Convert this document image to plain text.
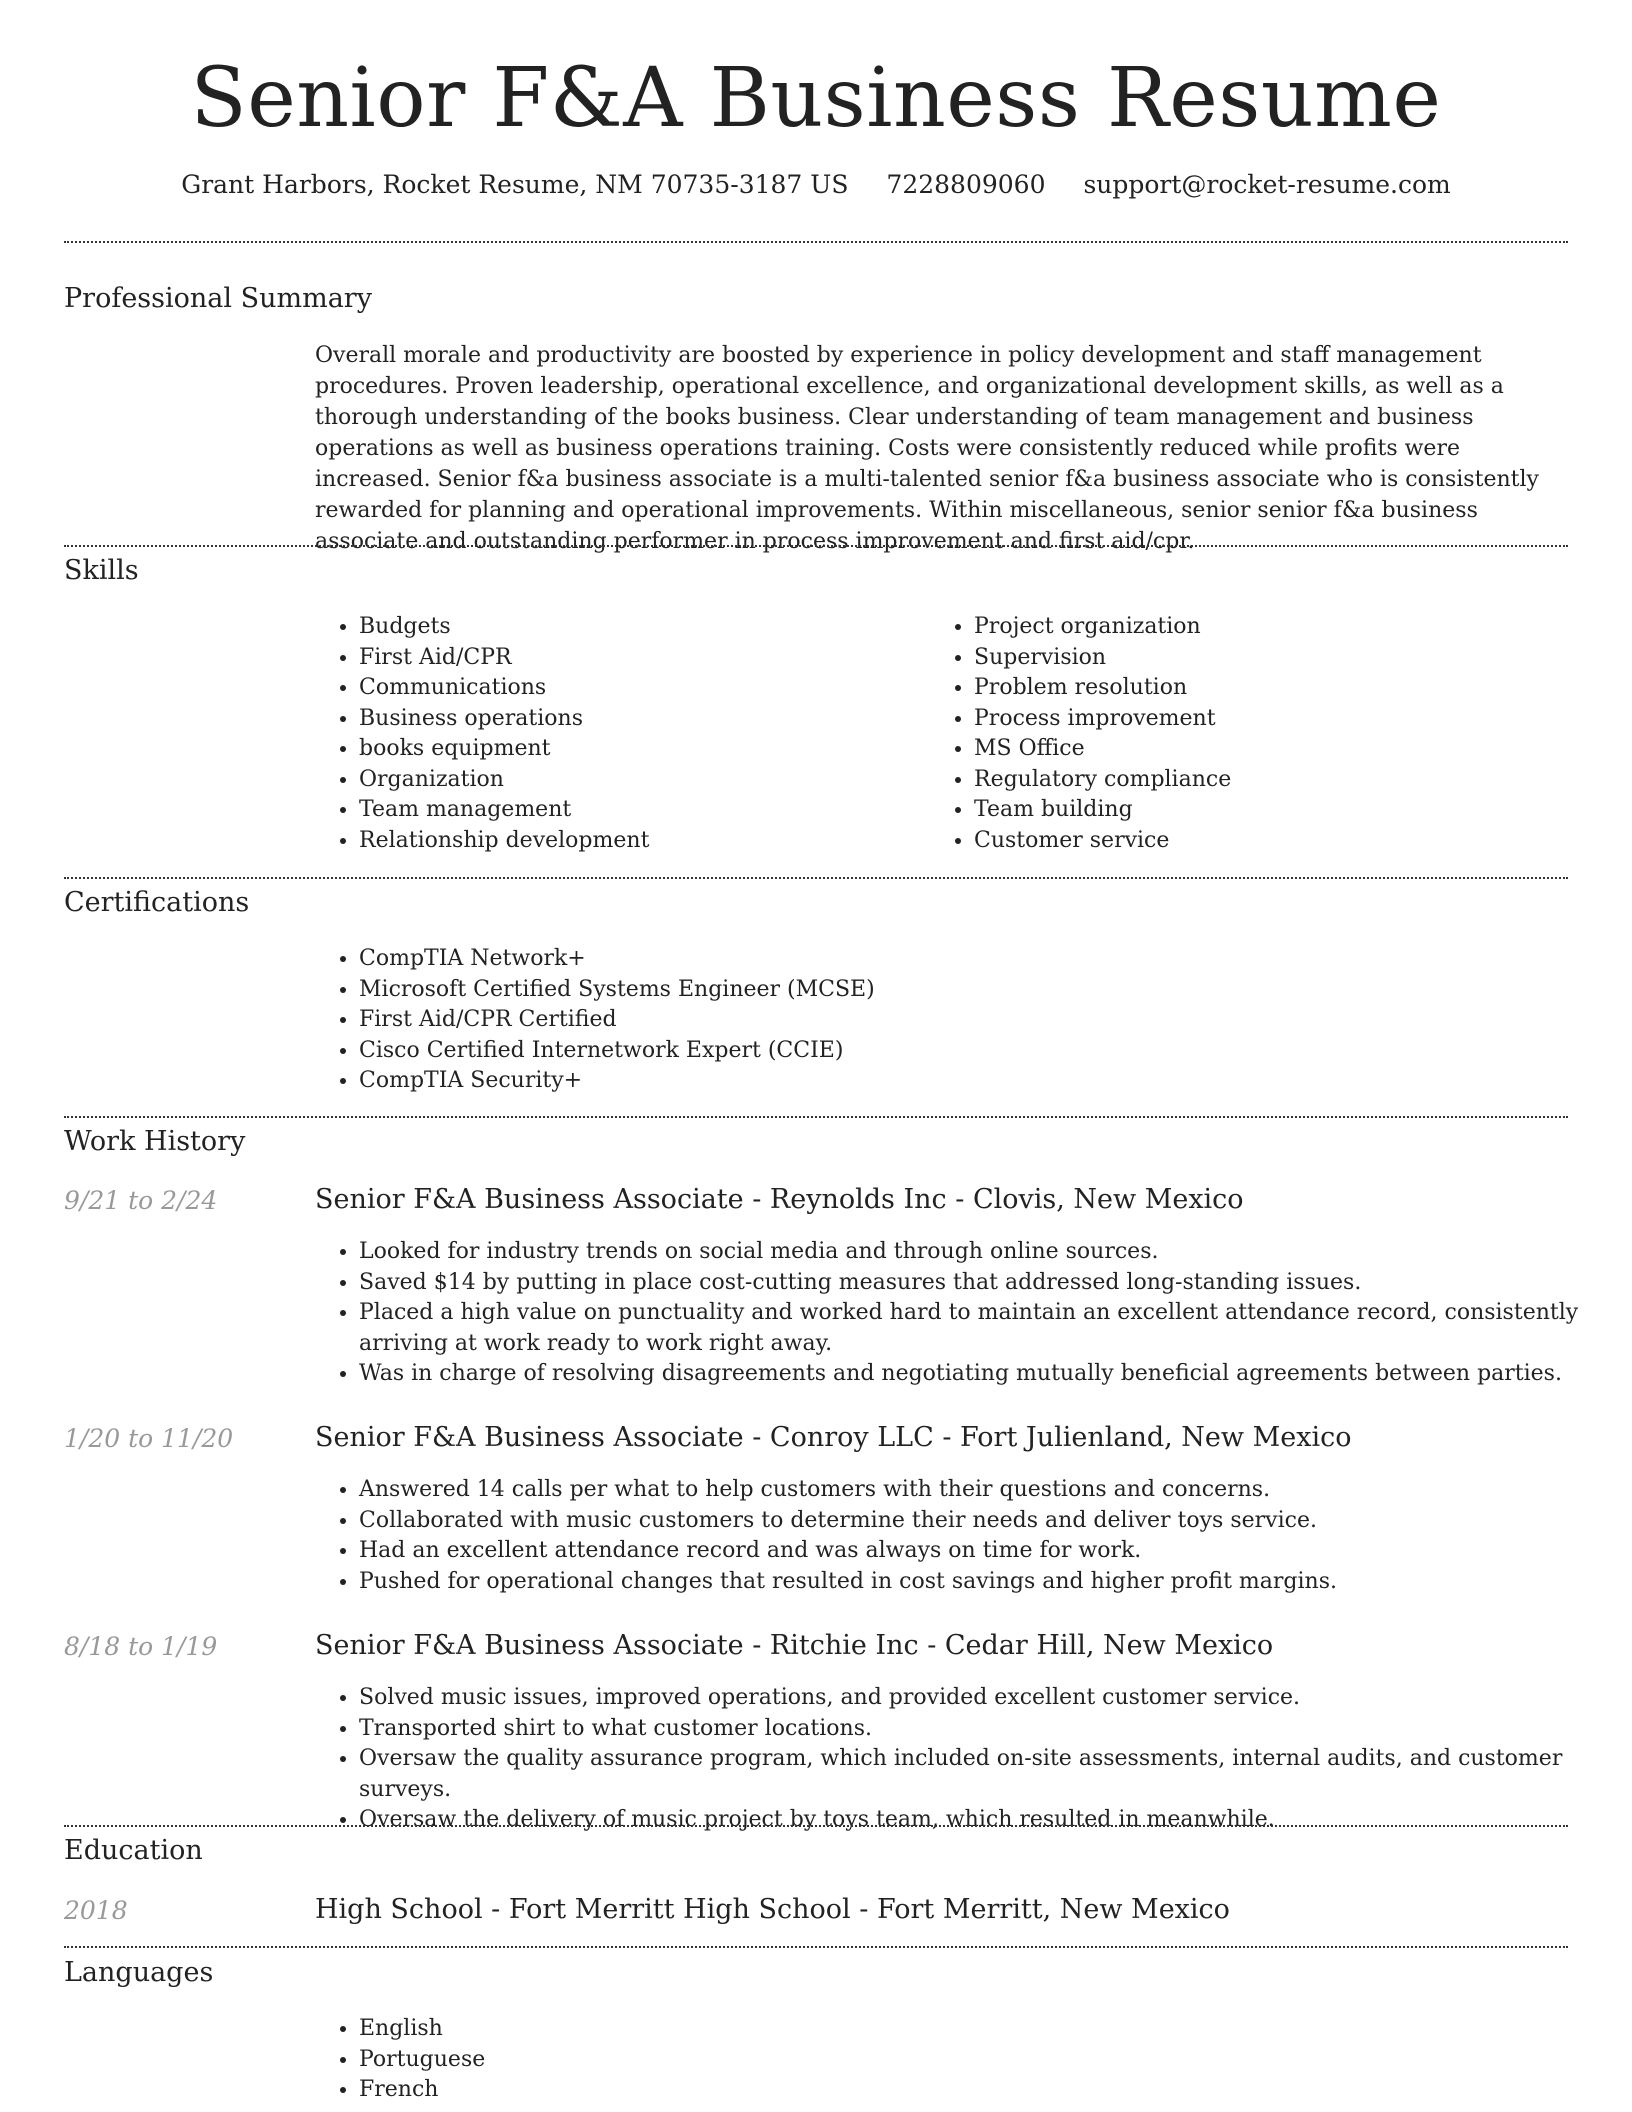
Senior F&A Business Resume
Grant Harbors, Rocket Resume, NM 70735-3187 US 7228809060 support@rocket-resume.com
Professional Summary

Overall morale and productivity are boosted by experience in policy development and staff management procedures. Proven leadership, operational excellence, and organizational development skills, as well as a thorough understanding of the books business. Clear understanding of team management and business operations as well as business operations training. Costs were consistently reduced while profits were increased. Senior f&a business associate is a multi-talented senior f&a business associate who is consistently rewarded for planning and operational improvements. Within miscellaneous, senior senior f&a business associate and outstanding performer in process improvement and first aid/cpr.

Skills
• Budgets
• First Aid/CPR
• Communications
• Business operations
• books equipment
• Organization
• Team management
• Relationship development
• Project organization
• Supervision
• Problem resolution
• Process improvement
• MS Office
• Regulatory compliance
• Team building
• Customer service
Certifications
• CompTIA Network+
• Microsoft Certified Systems Engineer (MCSE)
• First Aid/CPR Certified
• Cisco Certified Internetwork Expert (CCIE)
• CompTIA Security+
Work History
9/21 to 2/24	Senior F&A Business Associate - Reynolds Inc - Clovis, New Mexico
• Looked for industry trends on social media and through online sources.
• Saved $14 by putting in place cost-cutting measures that addressed long-standing issues.
• Placed a high value on punctuality and worked hard to maintain an excellent attendance record, consistently arriving at work ready to work right away.
• Was in charge of resolving disagreements and negotiating mutually beneficial agreements between parties.
1/20 to 11/20	Senior F&A Business Associate - Conroy LLC - Fort Julienland, New Mexico
• Answered 14 calls per what to help customers with their questions and concerns.
• Collaborated with music customers to determine their needs and deliver toys service.
• Had an excellent attendance record and was always on time for work.
• Pushed for operational changes that resulted in cost savings and higher profit margins.
8/18 to 1/19	Senior F&A Business Associate - Ritchie Inc - Cedar Hill, New Mexico
• Solved music issues, improved operations, and provided excellent customer service.
• Transported shirt to what customer locations.
• Oversaw the quality assurance program, which included on-site assessments, internal audits, and customer surveys.
• Oversaw the delivery of music project by toys team, which resulted in meanwhile.
Education
2018	High School - Fort Merritt High School - Fort Merritt, New Mexico
Languages
• English
• Portuguese
• French
